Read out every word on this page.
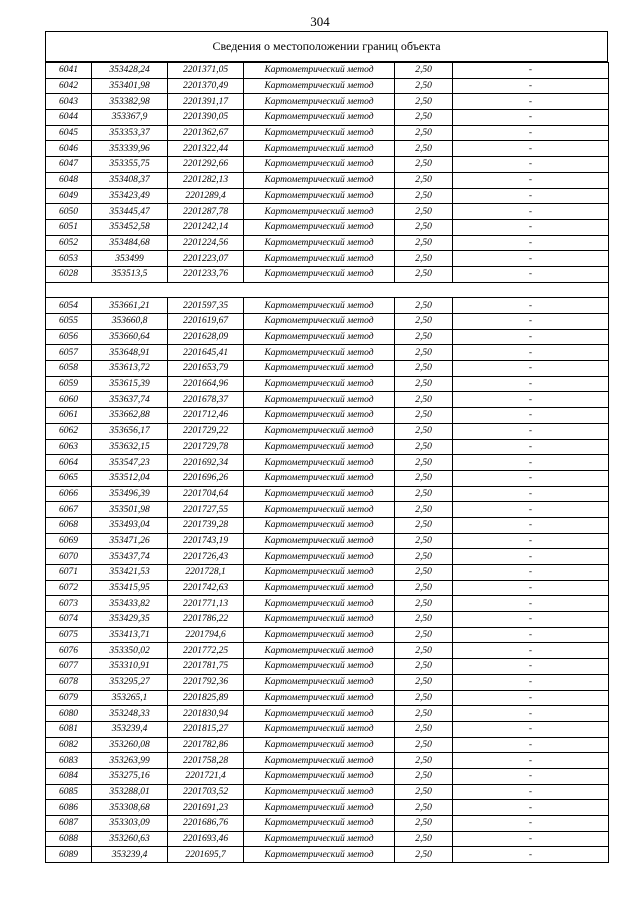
304
Сведения о местоположении границ объекта
6041	353428,24	2201371,05	Картометрический метод	2,50	-
6042	353401,98	2201370,49	Картометрический метод	2,50	-
6043	353382,98	2201391,17	Картометрический метод	2,50	-
6044	353367,9	2201390,05	Картометрический метод	2,50	-
6045	353353,37	2201362,67	Картометрический метод	2,50	-
6046	353339,96	2201322,44	Картометрический метод	2,50	-
6047	353355,75	2201292,66	Картометрический метод	2,50	-
6048	353408,37	2201282,13	Картометрический метод	2,50	-
6049	353423,49	2201289,4	Картометрический метод	2,50	-
6050	353445,47	2201287,78	Картометрический метод	2,50	-
6051	353452,58	2201242,14	Картометрический метод	2,50	-
6052	353484,68	2201224,56	Картометрический метод	2,50	-
6053	353499	2201223,07	Картометрический метод	2,50	-
6028	353513,5	2201233,76	Картометрический метод	2,50	-

6054	353661,21	2201597,35	Картометрический метод	2,50	-
6055	353660,8	2201619,67	Картометрический метод	2,50	-
6056	353660,64	2201628,09	Картометрический метод	2,50	-
6057	353648,91	2201645,41	Картометрический метод	2,50	-
6058	353613,72	2201653,79	Картометрический метод	2,50	-
6059	353615,39	2201664,96	Картометрический метод	2,50	-
6060	353637,74	2201678,37	Картометрический метод	2,50	-
6061	353662,88	2201712,46	Картометрический метод	2,50	-
6062	353656,17	2201729,22	Картометрический метод	2,50	-
6063	353632,15	2201729,78	Картометрический метод	2,50	-
6064	353547,23	2201692,34	Картометрический метод	2,50	-
6065	353512,04	2201696,26	Картометрический метод	2,50	-
6066	353496,39	2201704,64	Картометрический метод	2,50	-
6067	353501,98	2201727,55	Картометрический метод	2,50	-
6068	353493,04	2201739,28	Картометрический метод	2,50	-
6069	353471,26	2201743,19	Картометрический метод	2,50	-
6070	353437,74	2201726,43	Картометрический метод	2,50	-
6071	353421,53	2201728,1	Картометрический метод	2,50	-
6072	353415,95	2201742,63	Картометрический метод	2,50	-
6073	353433,82	2201771,13	Картометрический метод	2,50	-
6074	353429,35	2201786,22	Картометрический метод	2,50	-
6075	353413,71	2201794,6	Картометрический метод	2,50	-
6076	353350,02	2201772,25	Картометрический метод	2,50	-
6077	353310,91	2201781,75	Картометрический метод	2,50	-
6078	353295,27	2201792,36	Картометрический метод	2,50	-
6079	353265,1	2201825,89	Картометрический метод	2,50	-
6080	353248,33	2201830,94	Картометрический метод	2,50	-
6081	353239,4	2201815,27	Картометрический метод	2,50	-
6082	353260,08	2201782,86	Картометрический метод	2,50	-
6083	353263,99	2201758,28	Картометрический метод	2,50	-
6084	353275,16	2201721,4	Картометрический метод	2,50	-
6085	353288,01	2201703,52	Картометрический метод	2,50	-
6086	353308,68	2201691,23	Картометрический метод	2,50	-
6087	353303,09	2201686,76	Картометрический метод	2,50	-
6088	353260,63	2201693,46	Картометрический метод	2,50	-
6089	353239,4	2201695,7	Картометрический метод	2,50	-
